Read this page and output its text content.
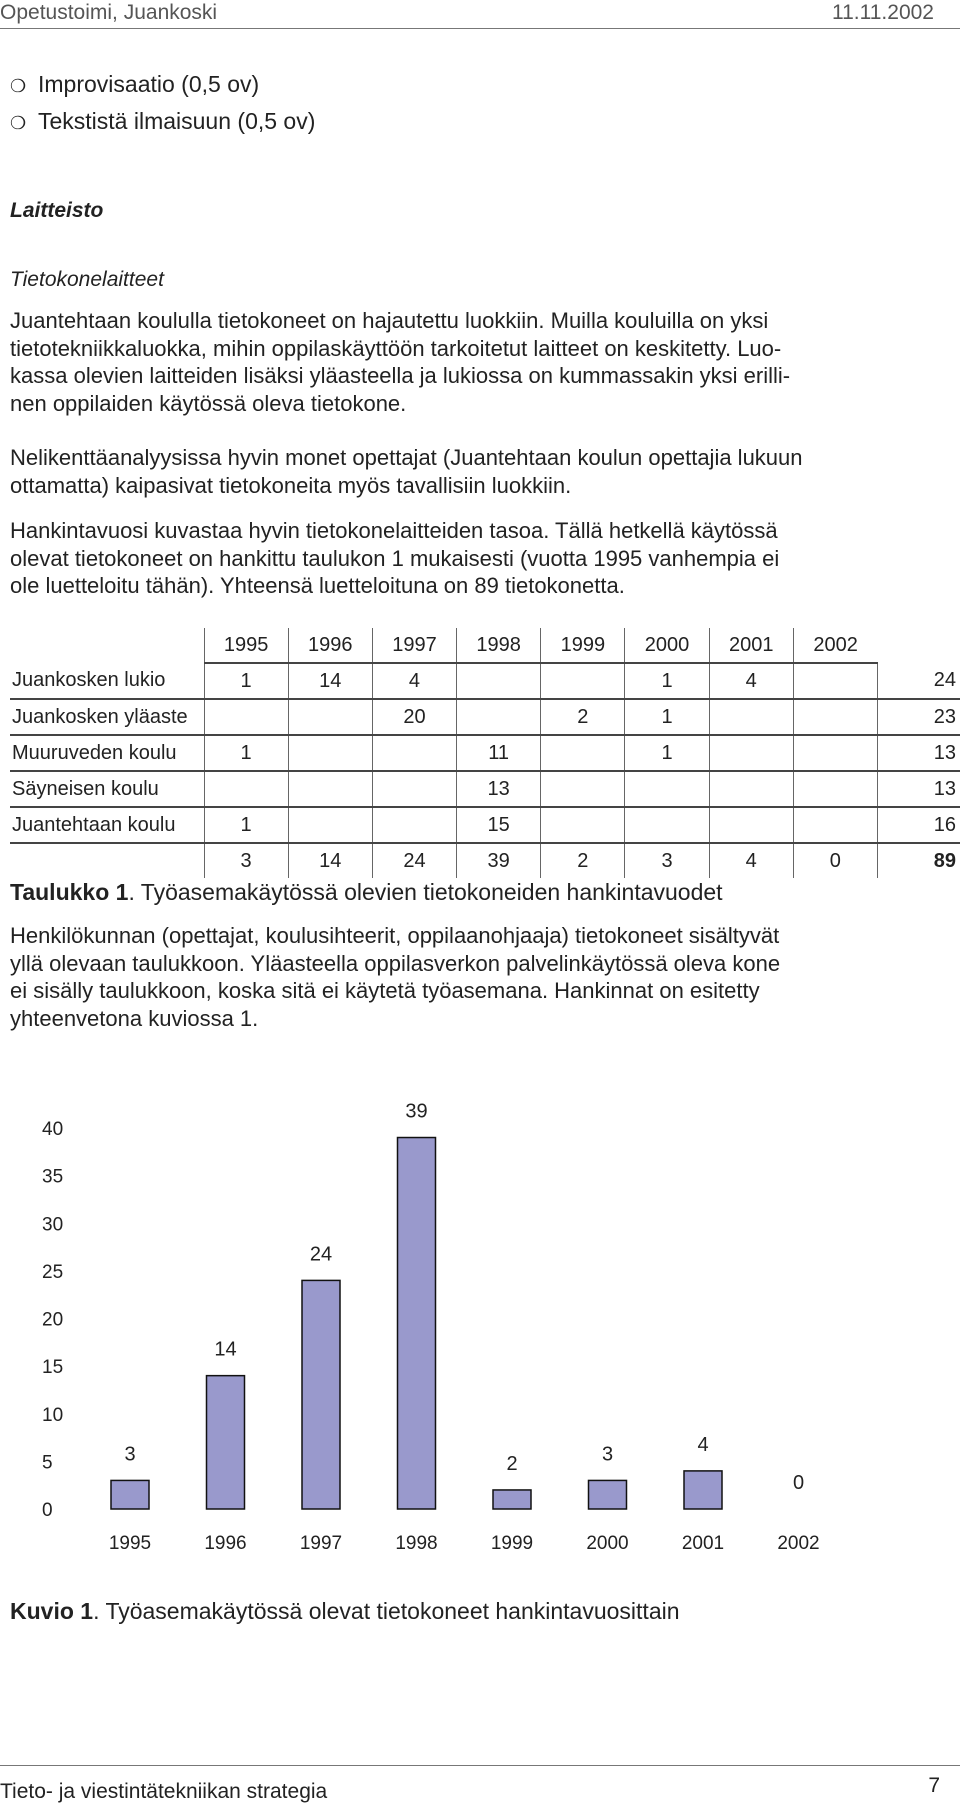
Opetustoimi, Juankoski	11.11.2002
❍ Improvisaatio (0,5 ov)
❍ Tekstistä ilmaisuun (0,5 ov)
Laitteisto
Tietokonelaitteet
Juantehtaan koululla tietokoneet on hajautettu luokkiin. Muilla kouluilla on yksi
tietotekniikkaluokka, mihin oppilaskäyttöön tarkoitetut laitteet on keskitetty. Luo-
kassa olevien laitteiden lisäksi yläasteella ja lukiossa on kummassakin yksi erilli-
nen oppilaiden käytössä oleva tietokone.
Nelikenttäanalyysissa hyvin monet opettajat (Juantehtaan koulun opettajia lukuun
ottamatta) kaipasivat tietokoneita myös tavallisiin luokkiin.
Hankintavuosi kuvastaa hyvin tietokonelaitteiden tasoa. Tällä hetkellä käytössä
olevat tietokoneet on hankittu taulukon 1 mukaisesti (vuotta 1995 vanhempia ei
ole luetteloitu tähän). Yhteensä luetteloituna on 89 tietokonetta.
	1995	1996	1997	1998	1999	2000	2001	2002	
Juankosken lukio	1	14	4			1	4		24
Juankosken yläaste			20		2	1			23
Muuruveden koulu	1			11		1			13
Säyneisen koulu				13					13
Juantehtaan koulu	1			15					16
	3	14	24	39	2	3	4	0	89
Taulukko 1. Työasemakäytössä olevien tietokoneiden hankintavuodet
Henkilökunnan (opettajat, koulusihteerit, oppilaanohjaaja) tietokoneet sisältyvät
yllä olevaan taulukkoon. Yläasteella oppilasverkon palvelinkäytössä oleva kone
ei sisälly taulukkoon, koska sitä ei käytetä työasemana. Hankinnat on esitetty
yhteenvetona kuviossa 1.
0
5
10
15
20
25
30
35
40
3
14
24
39
2	3	4
0
1995	1996	1997	1998	1999	2000	2001	2002
Kuvio 1. Työasemakäytössä olevat tietokoneet hankintavuosittain
Tieto- ja viestintätekniikan strategia	7
